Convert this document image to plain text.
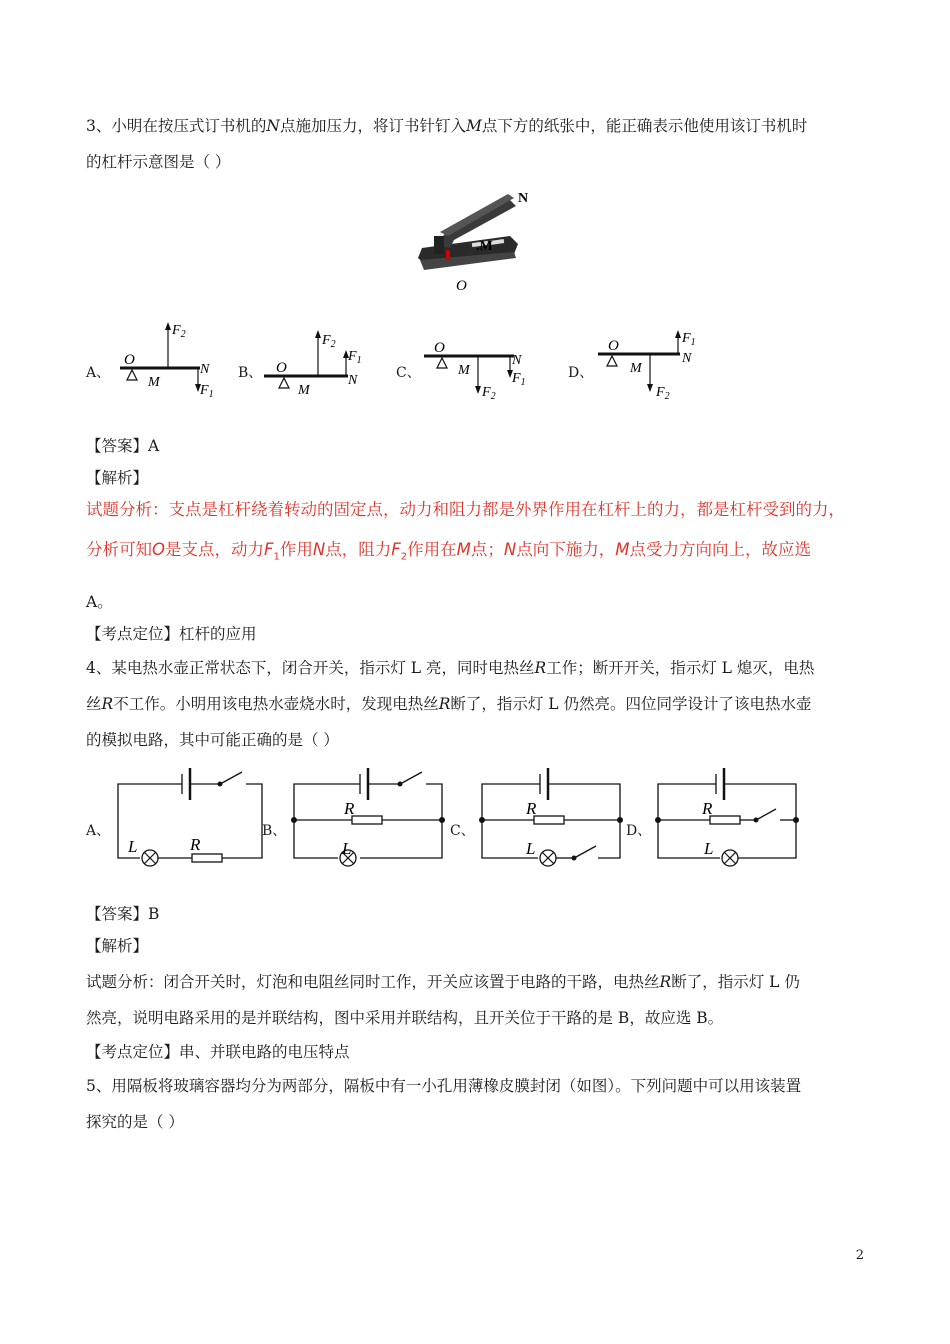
3、小明在按压式订书机的N点施加压力，将订书针钉入M点下方的纸张中，能正确表示他使用该订书机时
的杠杆示意图是（ ）
N
.M
O
A、
O
M
N
$F_2$
$F_1$
B、 O
M
N
$F_2$
$F_1$
C、
O
M
N
$F_2$
$F_1$
D、
O
M
N
$F_2$
$F_1$
【答案】A
【解析】
试题分析：支点是杠杆绕着转动的固定点，动力和阻力都是外界作用在杠杆上的力，都是杠杆受到的力，
分析可知O是支点，动力$F_1$作用N点，阻力$F_2$作用在M点；N点向下施力，M点受力方向向上，故应选
A。
【考点定位】杠杆的应用
4、某电热水壶正常状态下，闭合开关，指示灯 L 亮，同时电热丝R工作；断开开关，指示灯 L 熄灭，电热
丝R不工作。小明用该电热水壶烧水时，发现电热丝R断了，指示灯 L 仍然亮。四位同学设计了该电热水壶
的模拟电路，其中可能正确的是（ ）
A、
L	R
B、
R
L
C、
R
L
D、
R
L
【答案】B
【解析】
试题分析：闭合开关时，灯泡和电阻丝同时工作，开关应该置于电路的干路，电热丝R断了，指示灯 L 仍
然亮，说明电路采用的是并联结构，图中采用并联结构，且开关位于干路的是 B，故应选 B。
【考点定位】串、并联电路的电压特点
5、用隔板将玻璃容器均分为两部分，隔板中有一小孔用薄橡皮膜封闭（如图）。下列问题中可以用该装置
探究的是（ ）
2
